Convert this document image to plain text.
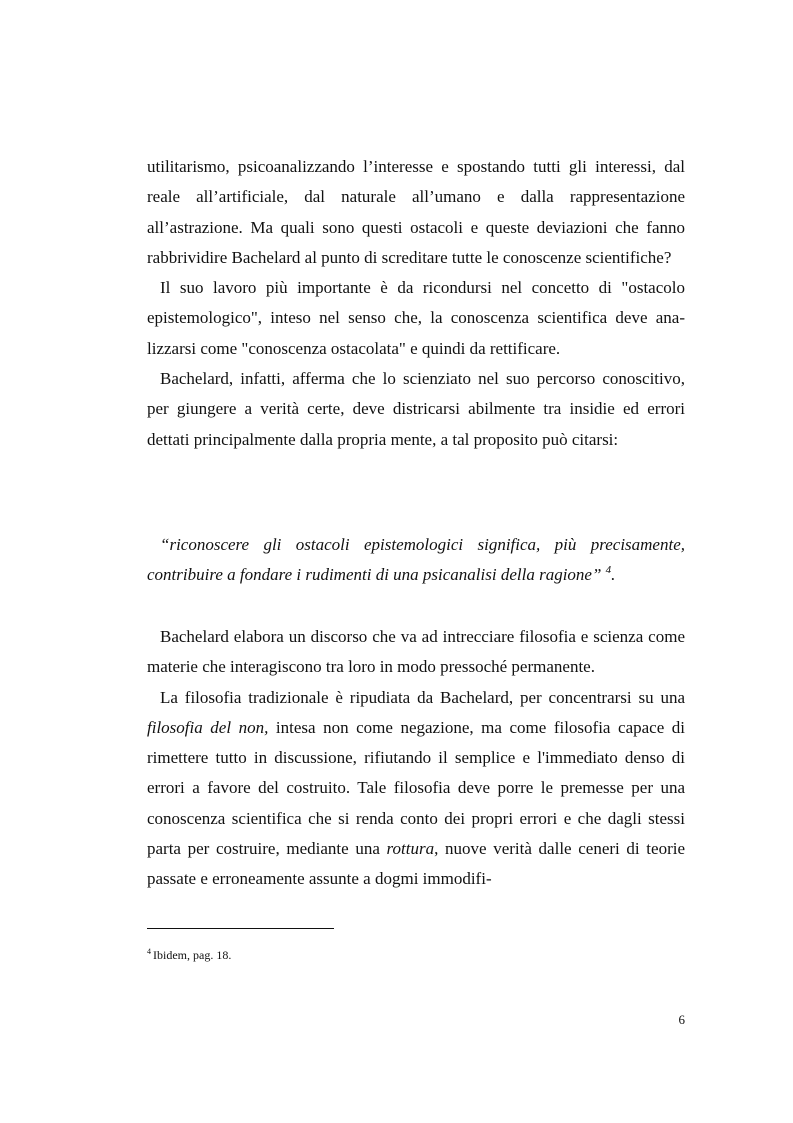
utilitarismo, psicoanalizzando l’interesse e spostando tutti gli interessi, dal reale all’artificiale, dal naturale all’umano e dalla rappresentazione all’astrazione. Ma quali sono questi ostacoli e queste deviazioni che fanno rabbrividire Bachelard al punto di screditare tutte le conoscenze scientifiche?

Il suo lavoro più importante è da ricondursi nel concetto di "ostacolo epistemologico", inteso nel senso che, la conoscenza scientifica deve analizzarsi come "conoscenza ostacolata" e quindi da rettificare.

Bachelard, infatti, afferma che lo scienziato nel suo percorso conoscitivo, per giungere a verità certe, deve districarsi abilmente tra insidie ed errori dettati principalmente dalla propria mente, a tal proposito può citarsi:

“riconoscere gli ostacoli epistemologici significa, più precisamente, contribuire a fondare i rudimenti di una psicanalisi della ragione” $^4$.

Bachelard elabora un discorso che va ad intrecciare filosofia e scienza come materie che interagiscono tra loro in modo pressoché permanente.

La filosofia tradizionale è ripudiata da Bachelard, per concentrarsi su una filosofia del non, intesa non come negazione, ma come filosofia capace di rimettere tutto in discussione, rifiutando il semplice e l'immediato denso di errori a favore del costruito. Tale filosofia deve porre le premesse per una conoscenza scientifica che si renda conto dei propri errori e che dagli stessi parta per costruire, mediante una rottura, nuove verità dalle ceneri di teorie passate e erroneamente assunte a dogmi immodifi-

$^4$ Ibidem, pag. 18.
6
